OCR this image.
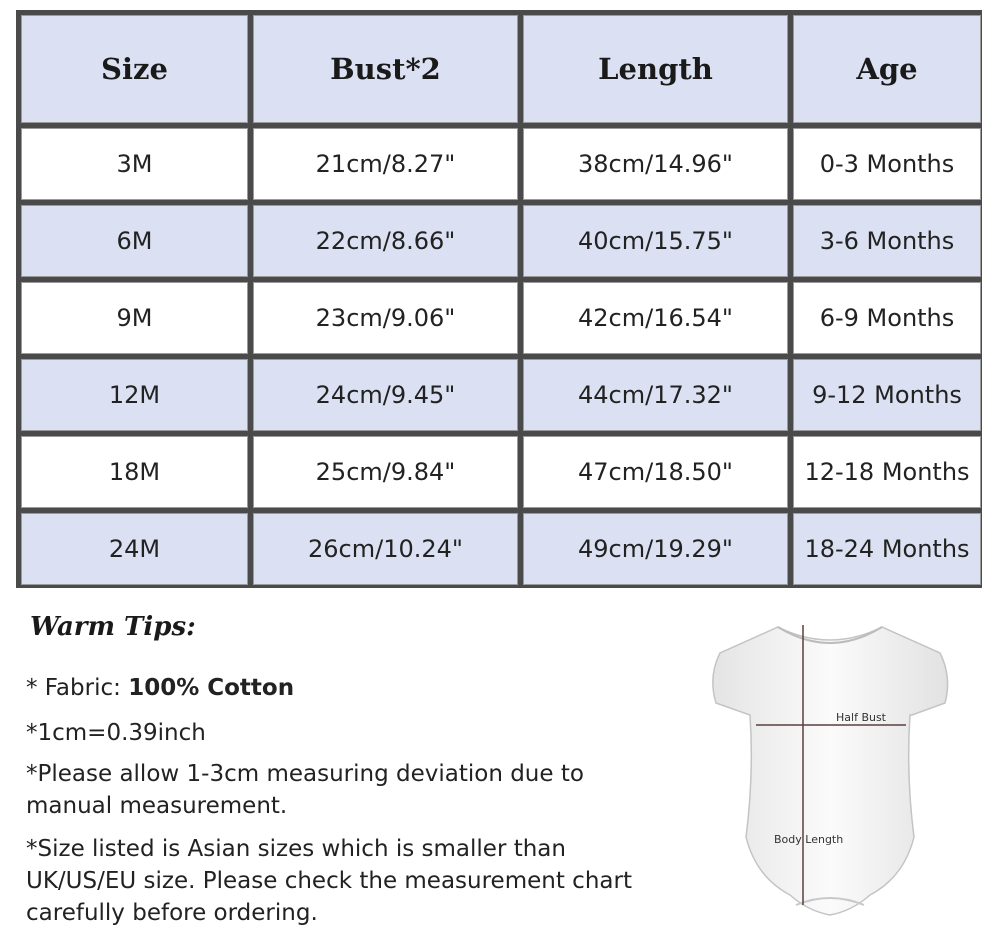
Size	Bust*2	Length	Age
3M	21cm/8.27"	38cm/14.96"	0-3 Months
6M	22cm/8.66"	40cm/15.75"	3-6 Months
9M	23cm/9.06"	42cm/16.54"	6-9 Months
12M	24cm/9.45"	44cm/17.32"	9-12 Months
18M	25cm/9.84"	47cm/18.50"	12-18 Months
24M	26cm/10.24"	49cm/19.29"	18-24 Months
Warm Tips:
* Fabric: 100% Cotton
*1cm=0.39inch
*Please allow 1-3cm measuring deviation due to manual measurement.
*Size listed is Asian sizes which is smaller than UK/US/EU size. Please check the measurement chart carefully before ordering.
Half Bust
Body Length
